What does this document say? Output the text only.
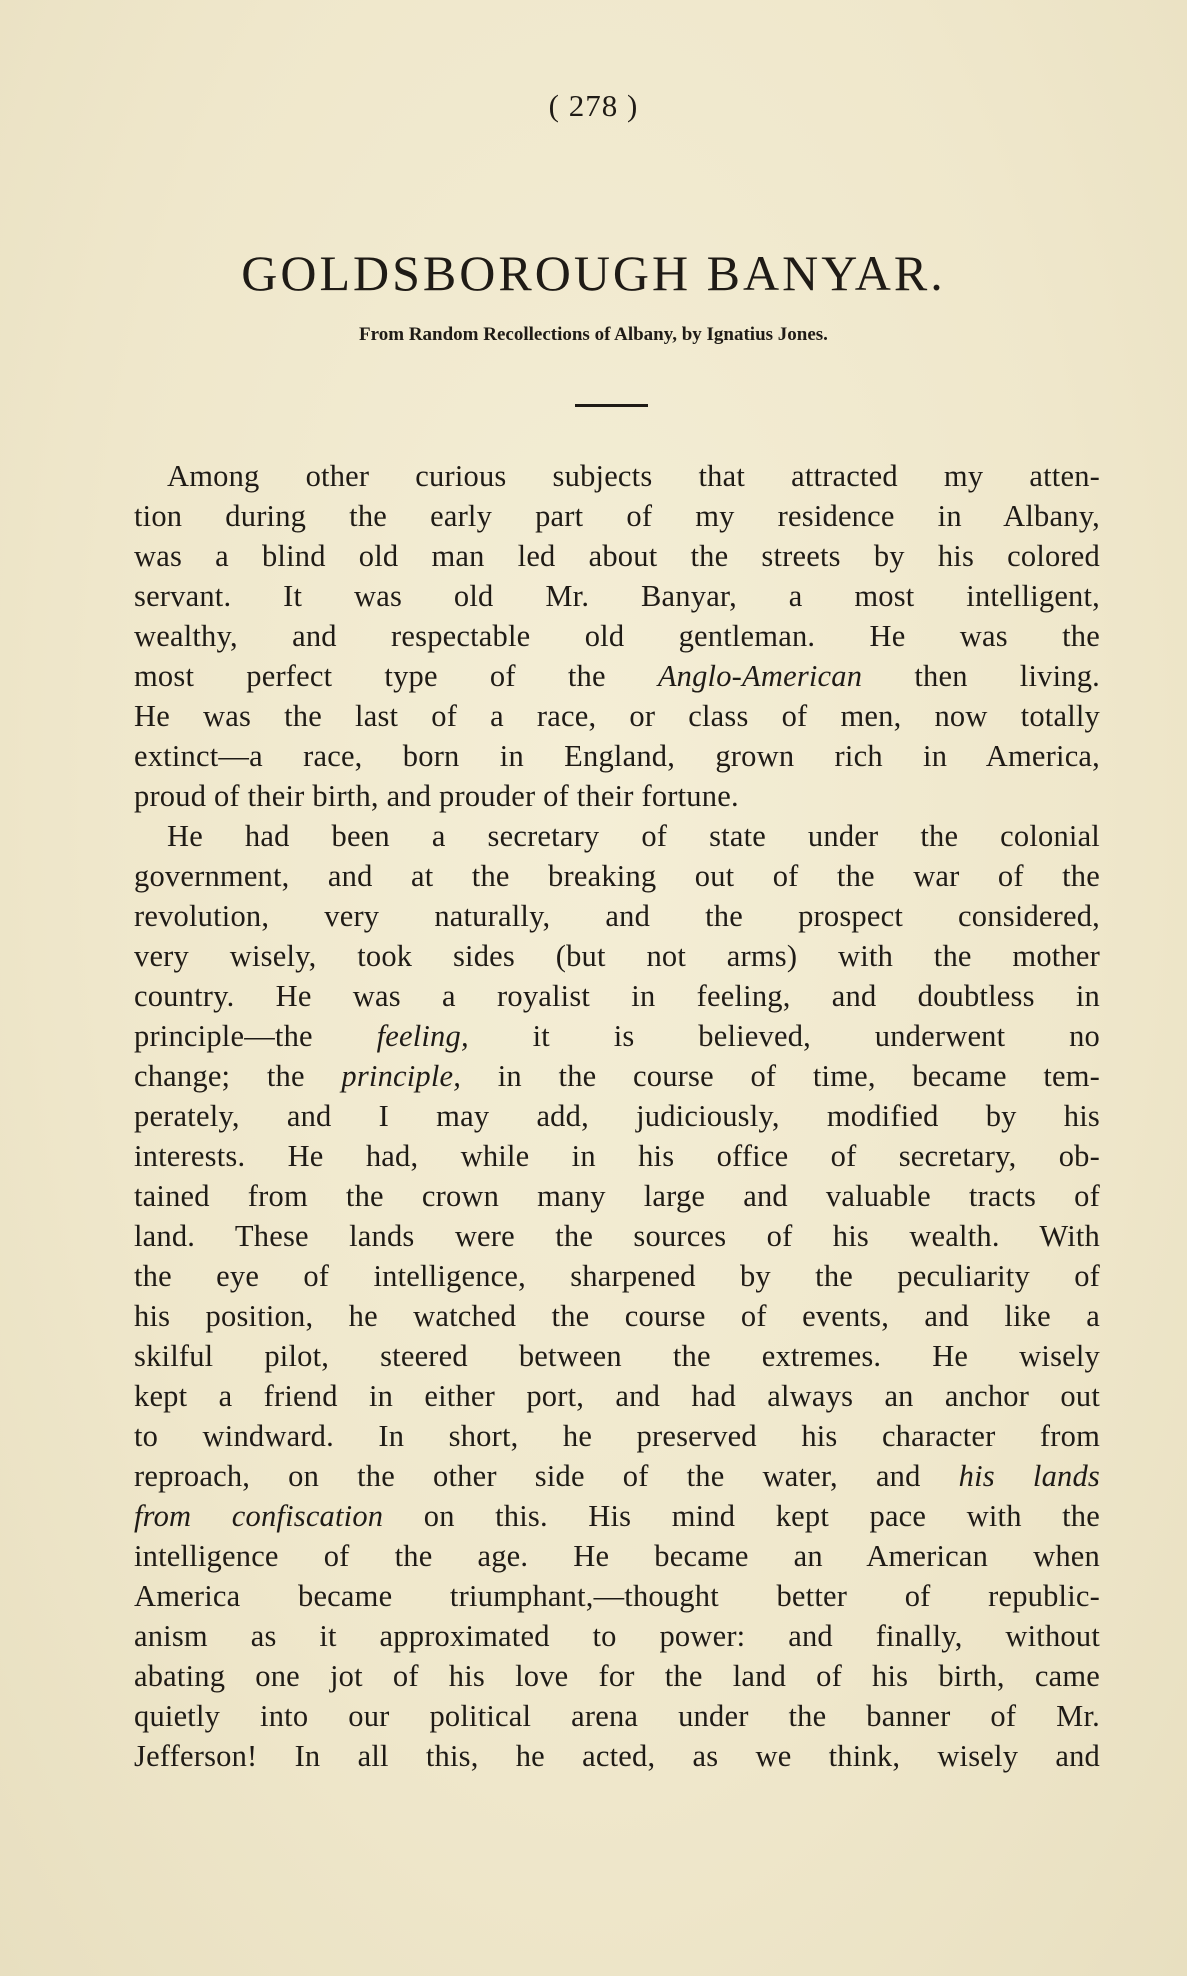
( 278 )
GOLDSBOROUGH BANYAR.
From Random Recollections of Albany, by Ignatius Jones.
Among other curious subjects that attracted my atten-
tion during the early part of my residence in Albany,
was a blind old man led about the streets by his colored
servant. It was old Mr. Banyar, a most intelligent,
wealthy, and respectable old gentleman. He was the
most perfect type of the Anglo-American then living.
He was the last of a race, or class of men, now totally
extinct—a race, born in England, grown rich in America,
proud of their birth, and prouder of their fortune.
He had been a secretary of state under the colonial
government, and at the breaking out of the war of the
revolution, very naturally, and the prospect considered,
very wisely, took sides (but not arms) with the mother
country. He was a royalist in feeling, and doubtless in
principle—the feeling, it is believed, underwent no
change; the principle, in the course of time, became tem-
perately, and I may add, judiciously, modified by his
interests. He had, while in his office of secretary, ob-
tained from the crown many large and valuable tracts of
land. These lands were the sources of his wealth. With
the eye of intelligence, sharpened by the peculiarity of
his position, he watched the course of events, and like a
skilful pilot, steered between the extremes. He wisely
kept a friend in either port, and had always an anchor out
to windward. In short, he preserved his character from
reproach, on the other side of the water, and his lands
from confiscation on this. His mind kept pace with the
intelligence of the age. He became an American when
America became triumphant,—thought better of republic-
anism as it approximated to power: and finally, without
abating one jot of his love for the land of his birth, came
quietly into our political arena under the banner of Mr.
Jefferson! In all this, he acted, as we think, wisely and
